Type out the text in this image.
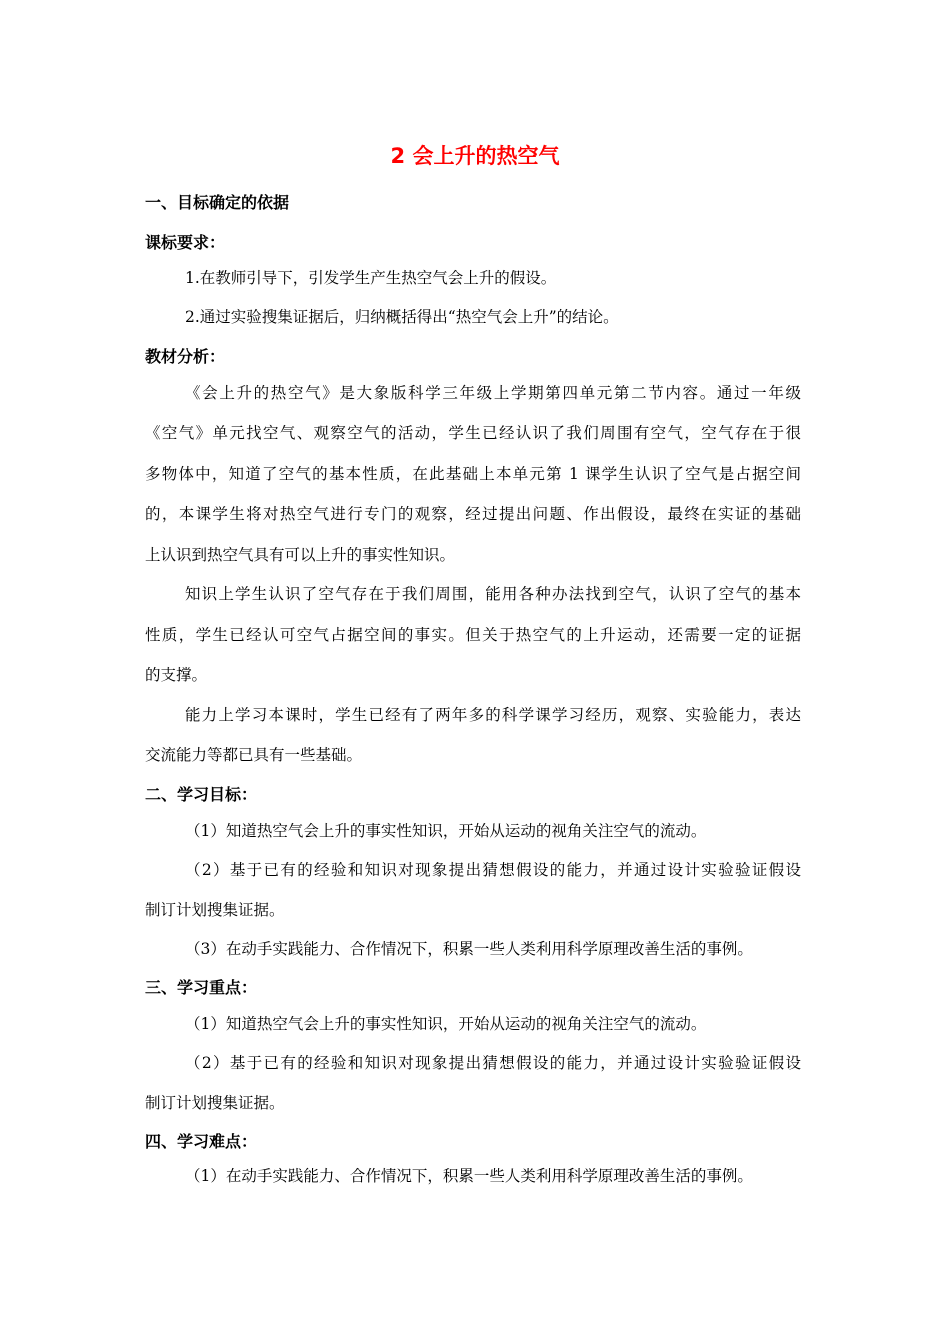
2 会上升的热空气
一、目标确定的依据
课标要求：
1.在教师引导下，引发学生产生热空气会上升的假设。
2.通过实验搜集证据后，归纳概括得出“热空气会上升”的结论。
教材分析：
《会上升的热空气》是大象版科学三年级上学期第四单元第二节内容。通过一年级
《空气》单元找空气、观察空气的活动，学生已经认识了我们周围有空气，空气存在于很
多物体中，知道了空气的基本性质，在此基础上本单元第 1 课学生认识了空气是占据空间
的，本课学生将对热空气进行专门的观察，经过提出问题、作出假设，最终在实证的基础
上认识到热空气具有可以上升的事实性知识。
知识上学生认识了空气存在于我们周围，能用各种办法找到空气，认识了空气的基本
性质，学生已经认可空气占据空间的事实。但关于热空气的上升运动，还需要一定的证据
的支撑。
能力上学习本课时，学生已经有了两年多的科学课学习经历，观察、实验能力，表达
交流能力等都已具有一些基础。
二、学习目标：
（1）知道热空气会上升的事实性知识，开始从运动的视角关注空气的流动。
（2）基于已有的经验和知识对现象提出猜想假设的能力，并通过设计实验验证假设
制订计划搜集证据。
（3）在动手实践能力、合作情况下，积累一些人类利用科学原理改善生活的事例。
三、学习重点：
（1）知道热空气会上升的事实性知识，开始从运动的视角关注空气的流动。
（2）基于已有的经验和知识对现象提出猜想假设的能力，并通过设计实验验证假设
制订计划搜集证据。
四、学习难点：
（1）在动手实践能力、合作情况下，积累一些人类利用科学原理改善生活的事例。
